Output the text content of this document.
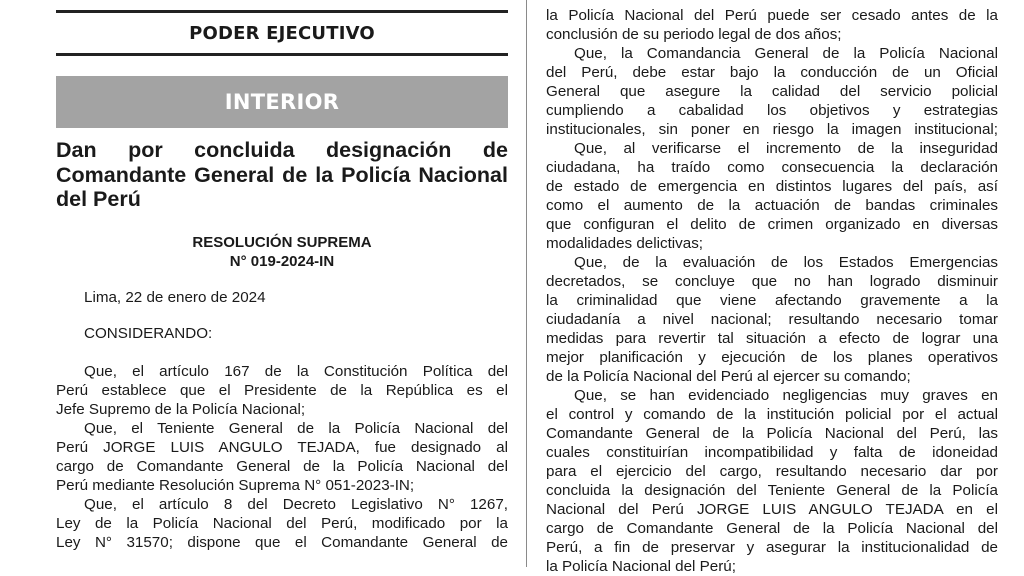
PODER EJECUTIVO
INTERIOR
Dan por concluida designación de Comandante General de la Policía Nacional del Perú
RESOLUCIÓN SUPREMA
N° 019-2024-IN
Lima, 22 de enero de 2024
CONSIDERANDO:
Que, el artículo 167 de la Constitución Política del
Perú establece que el Presidente de la República es el
Jefe Supremo de la Policía Nacional;
Que, el Teniente General de la Policía Nacional del
Perú JORGE LUIS ANGULO TEJADA, fue designado al
cargo de Comandante General de la Policía Nacional del
Perú mediante Resolución Suprema N° 051-2023-IN;
Que, el artículo 8 del Decreto Legislativo N° 1267,
Ley de la Policía Nacional del Perú, modificado por la
Ley N° 31570; dispone que el Comandante General de
la Policía Nacional del Perú puede ser cesado antes de la
conclusión de su periodo legal de dos años;
Que, la Comandancia General de la Policía Nacional
del Perú, debe estar bajo la conducción de un Oficial
General que asegure la calidad del servicio policial
cumpliendo a cabalidad los objetivos y estrategias
institucionales, sin poner en riesgo la imagen institucional;
Que, al verificarse el incremento de la inseguridad
ciudadana, ha traído como consecuencia la declaración
de estado de emergencia en distintos lugares del país, así
como el aumento de la actuación de bandas criminales
que configuran el delito de crimen organizado en diversas
modalidades delictivas;
Que, de la evaluación de los Estados Emergencias
decretados, se concluye que no han logrado disminuir
la criminalidad que viene afectando gravemente a la
ciudadanía a nivel nacional; resultando necesario tomar
medidas para revertir tal situación a efecto de lograr una
mejor planificación y ejecución de los planes operativos
de la Policía Nacional del Perú al ejercer su comando;
Que, se han evidenciado negligencias muy graves en
el control y comando de la institución policial por el actual
Comandante General de la Policía Nacional del Perú, las
cuales constituirían incompatibilidad y falta de idoneidad
para el ejercicio del cargo, resultando necesario dar por
concluida la designación del Teniente General de la Policía
Nacional del Perú JORGE LUIS ANGULO TEJADA en el
cargo de Comandante General de la Policía Nacional del
Perú, a fin de preservar y asegurar la institucionalidad de
la Policía Nacional del Perú;
